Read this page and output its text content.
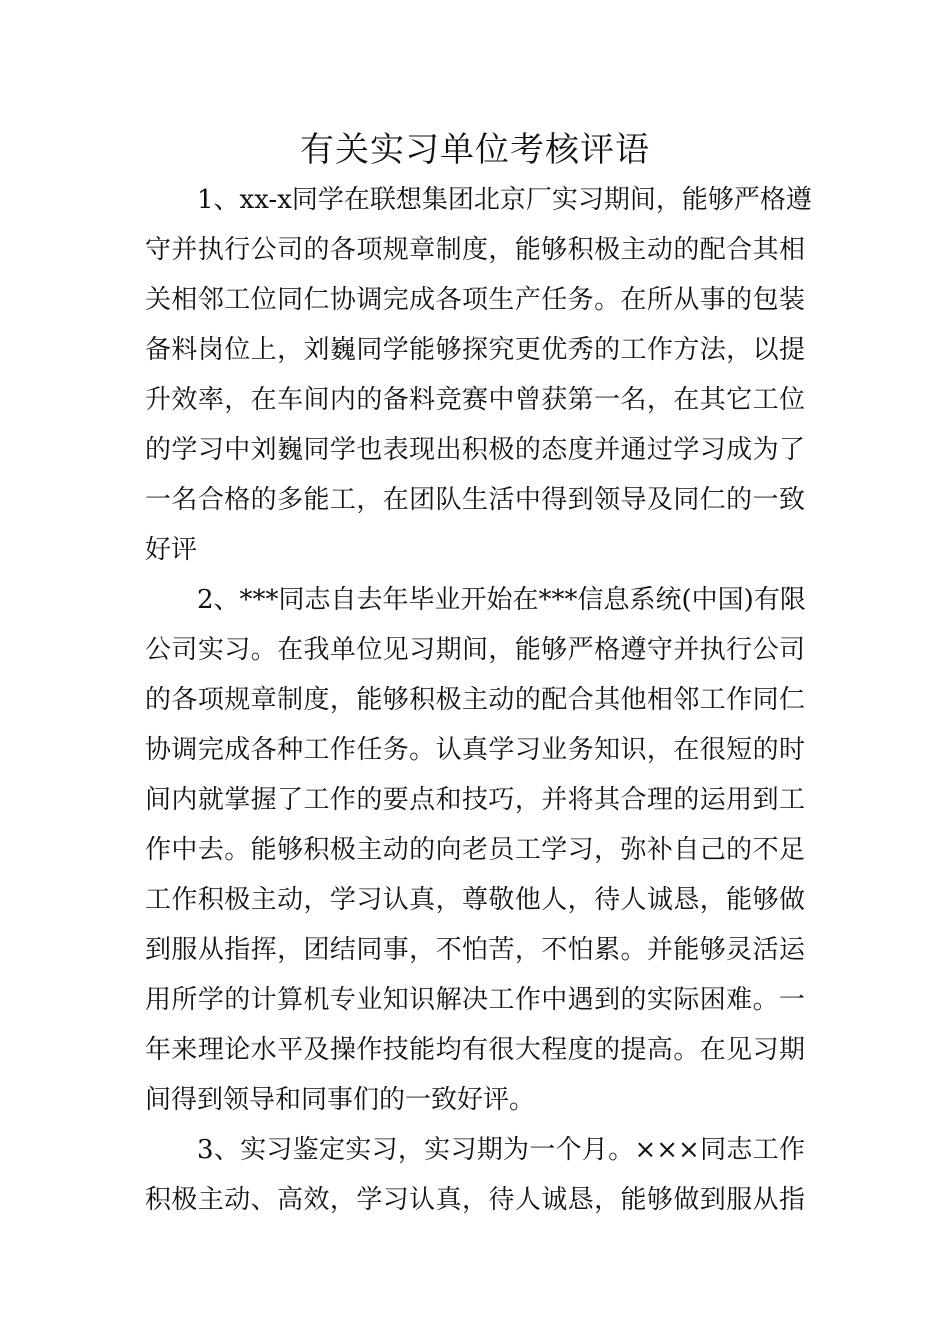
有关实习单位考核评语
1、xx-x同学在联想集团北京厂实习期间，能够严格遵
守并执行公司的各项规章制度，能够积极主动的配合其相
关相邻工位同仁协调完成各项生产任务。在所从事的包装
备料岗位上，刘巍同学能够探究更优秀的工作方法，以提
升效率，在车间内的备料竞赛中曾获第一名，在其它工位
的学习中刘巍同学也表现出积极的态度并通过学习成为了
一名合格的多能工，在团队生活中得到领导及同仁的一致
好评
2、***同志自去年毕业开始在***信息系统(中国)有限
公司实习。在我单位见习期间，能够严格遵守并执行公司
的各项规章制度，能够积极主动的配合其他相邻工作同仁
协调完成各种工作任务。认真学习业务知识，在很短的时
间内就掌握了工作的要点和技巧，并将其合理的运用到工
作中去。能够积极主动的向老员工学习，弥补自己的不足
工作积极主动，学习认真，尊敬他人，待人诚恳，能够做
到服从指挥，团结同事，不怕苦，不怕累。并能够灵活运
用所学的计算机专业知识解决工作中遇到的实际困难。一
年来理论水平及操作技能均有很大程度的提高。在见习期
间得到领导和同事们的一致好评。
3、实习鉴定实习，实习期为一个月。×××同志工作
积极主动、高效，学习认真，待人诚恳，能够做到服从指
